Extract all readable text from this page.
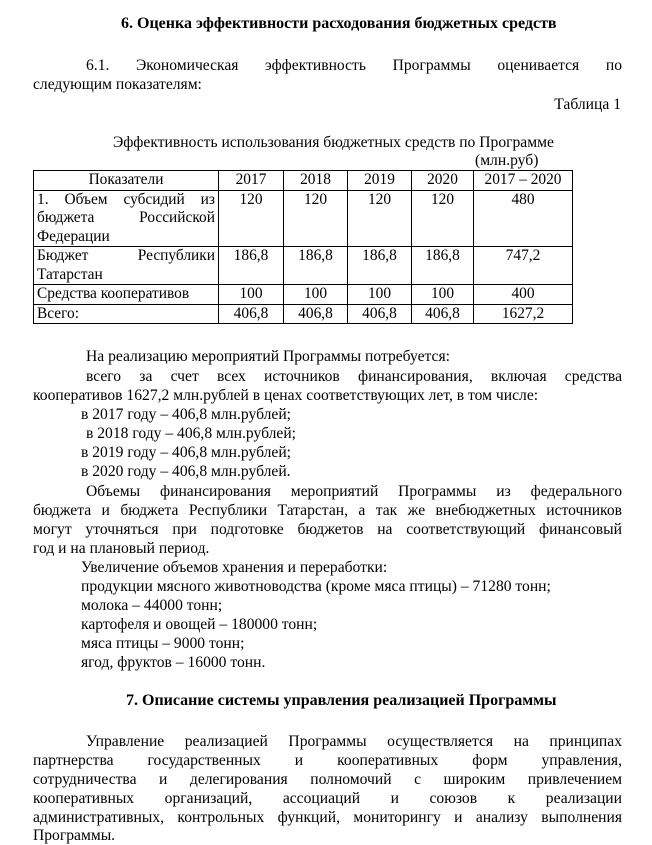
6. Оценка эффективности расходования бюджетных средств
6.1. Экономическая эффективность Программы оценивается по
следующим показателям:
Таблица 1
Эффективность использования бюджетных средств по Программе
(млн.руб)
Показатели	2017	2018	2019	2020	2017 – 2020

1. Объем субсидий из
бюджета Российской
Федерации	120	120	120	120	480

Бюджет Республики
Татарстан	186,8	186,8	186,8	186,8	747,2
Средства кооперативов	100	100	100	100	400
Всего:	406,8	406,8	406,8	406,8	1627,2
На реализацию мероприятий Программы потребуется:
всего за счет всех источников финансирования, включая средства
кооперативов 1627,2 млн.рублей в ценах соответствующих лет, в том числе:
в 2017 году – 406,8 млн.рублей;
в 2018 году – 406,8 млн.рублей;
в 2019 году – 406,8 млн.рублей;
в 2020 году – 406,8 млн.рублей.
Объемы финансирования мероприятий Программы из федерального
бюджета и бюджета Республики Татарстан, а так же внебюджетных источников
могут уточняться при подготовке бюджетов на соответствующий финансовый
год и на плановый период.
Увеличение объемов хранения и переработки:
продукции мясного животноводства (кроме мяса птицы) – 71280 тонн;
молока – 44000 тонн;
картофеля и овощей – 180000 тонн;
мяса птицы – 9000 тонн;
ягод, фруктов – 16000 тонн.
7. Описание системы управления реализацией Программы
Управление реализацией Программы осуществляется на принципах
партнерства государственных и кооперативных форм управления,
сотрудничества и делегирования полномочий с широким привлечением
кооперативных организаций, ассоциаций и союзов к реализации
административных, контрольных функций, мониторингу и анализу выполнения
Программы.
